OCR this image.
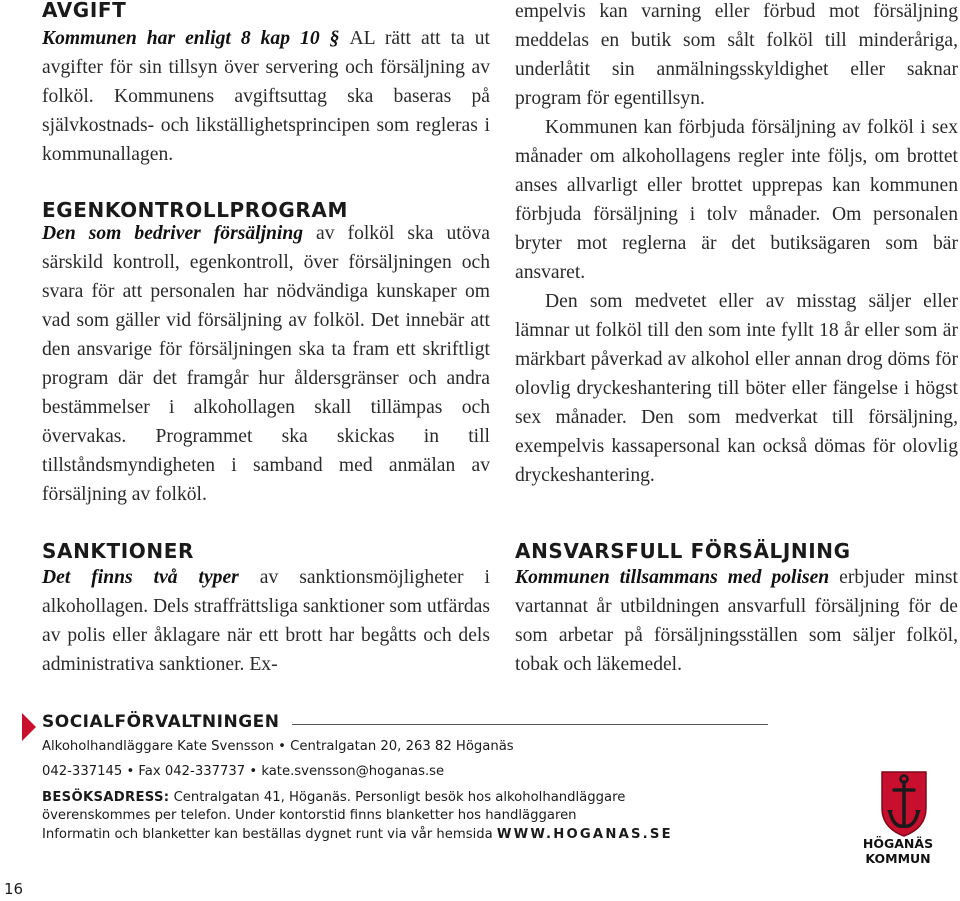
AVGIFT

Kommunen har enligt 8 kap 10 § AL rätt att ta ut avgifter för sin tillsyn över servering och försäljning av folköl. Kommunens avgiftsuttag ska baseras på självkostnads- och likställighetsprincipen som regleras i kommunallagen.

EGENKONTROLLPROGRAM

Den som bedriver försäljning av folköl ska utöva särskild kontroll, egenkontroll, över försäljningen och svara för att personalen har nödvändiga kunskaper om vad som gäller vid försäljning av folköl. Det innebär att den ansvarige för försäljningen ska ta fram ett skriftligt program där det framgår hur åldersgränser och andra bestämmelser i alkohollagen skall tillämpas och övervakas. Programmet ska skickas in till tillståndsmyndigheten i samband med anmälan av försäljning av folköl.

SANKTIONER

Det finns två typer av sanktionsmöjligheter i alkohollagen. Dels straffrättsliga sanktioner som utfärdas av polis eller åklagare när ett brott har begåtts och dels administrativa sanktioner. Ex-

empelvis kan varning eller förbud mot försäljning meddelas en butik som sålt folköl till minderåriga, underlåtit sin anmälningsskyldighet eller saknar program för egentillsyn.

Kommunen kan förbjuda försäljning av folköl i sex månader om alkohollagens regler inte följs, om brottet anses allvarligt eller brottet upprepas kan kommunen förbjuda försäljning i tolv månader. Om personalen bryter mot reglerna är det butiksägaren som bär ansvaret.

Den som medvetet eller av misstag säljer eller lämnar ut folköl till den som inte fyllt 18 år eller som är märkbart påverkad av alkohol eller annan drog döms för olovlig dryckeshantering till böter eller fängelse i högst sex månader. Den som medverkat till försäljning, exempelvis kassapersonal kan också dömas för olovlig dryckeshantering.

ANSVARSFULL FÖRSÄLJNING

Kommunen tillsammans med polisen erbjuder minst vartannat år utbildningen ansvarfull försäljning för de som arbetar på försäljningsställen som säljer folköl, tobak och läkemedel.

SOCIALFÖRVALTNINGEN
Alkoholhandläggare Kate Svensson • Centralgatan 20, 263 82 Höganäs
042-337145 • Fax 042-337737 • kate.svensson@hoganas.se
BESÖKSADRESS: Centralgatan 41, Höganäs. Personligt besök hos alkoholhandläggare
överenskommes per telefon. Under kontorstid finns blanketter hos handläggaren
Informatin och blanketter kan beställas dygnet runt via vår hemsida WWW.HOGANAS.SE
HÖGANÄS
KOMMUN
16
